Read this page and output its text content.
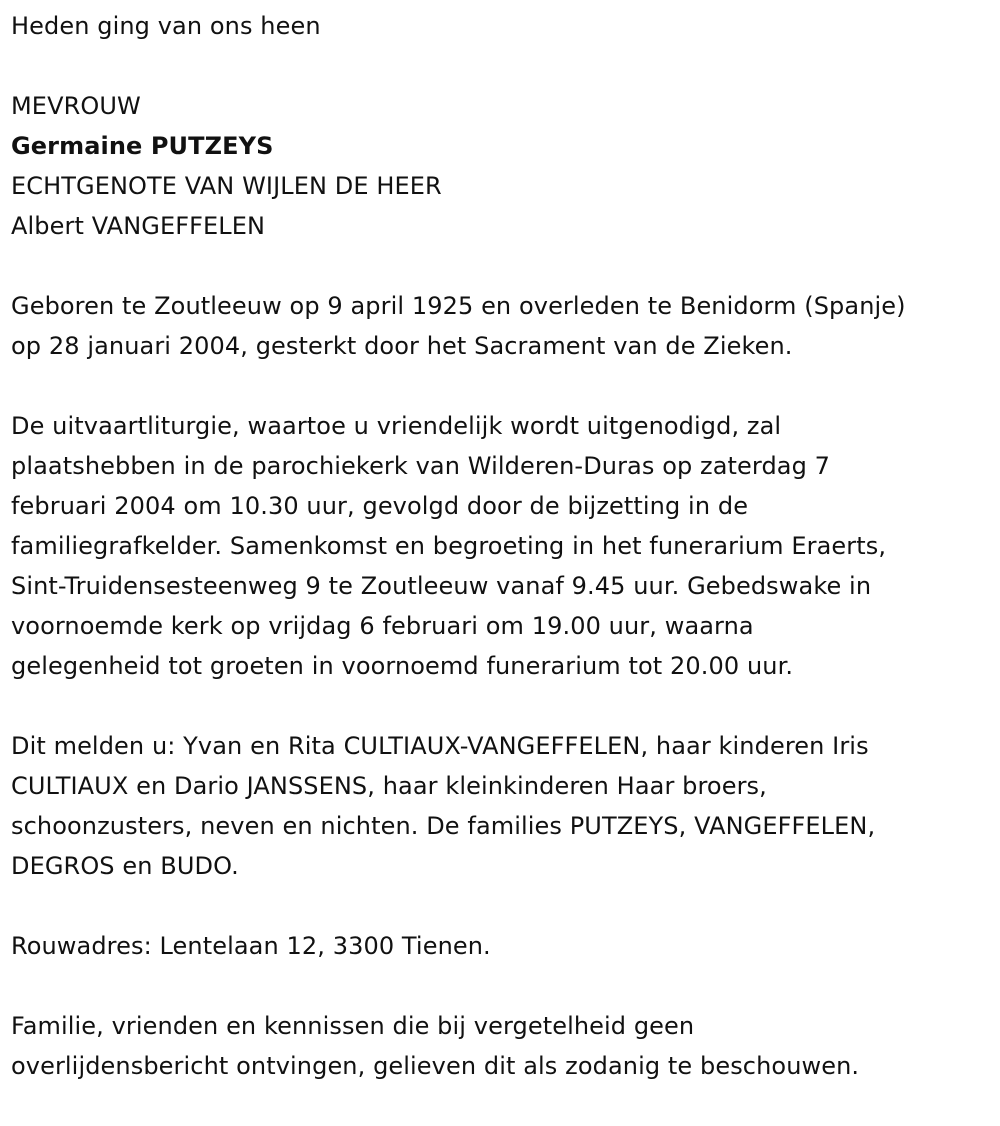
Heden ging van ons heen

MEVROUW

Germaine PUTZEYS

ECHTGENOTE VAN WIJLEN DE HEER

Albert VANGEFFELEN

Geboren te Zoutleeuw op 9 april 1925 en overleden te Benidorm (Spanje)

op 28 januari 2004, gesterkt door het Sacrament van de Zieken.

De uitvaartliturgie, waartoe u vriendelijk wordt uitgenodigd, zal

plaatshebben in de parochiekerk van Wilderen-Duras op zaterdag 7

februari 2004 om 10.30 uur, gevolgd door de bijzetting in de

familiegrafkelder. Samenkomst en begroeting in het funerarium Eraerts,

Sint-Truidensesteenweg 9 te Zoutleeuw vanaf 9.45 uur. Gebedswake in

voornoemde kerk op vrijdag 6 februari om 19.00 uur, waarna

gelegenheid tot groeten in voornoemd funerarium tot 20.00 uur.

Dit melden u: Yvan en Rita CULTIAUX-VANGEFFELEN, haar kinderen Iris

CULTIAUX en Dario JANSSENS, haar kleinkinderen Haar broers,

schoonzusters, neven en nichten. De families PUTZEYS, VANGEFFELEN,

DEGROS en BUDO.

Rouwadres: Lentelaan 12, 3300 Tienen.

Familie, vrienden en kennissen die bij vergetelheid geen

overlijdensbericht ontvingen, gelieven dit als zodanig te beschouwen.
